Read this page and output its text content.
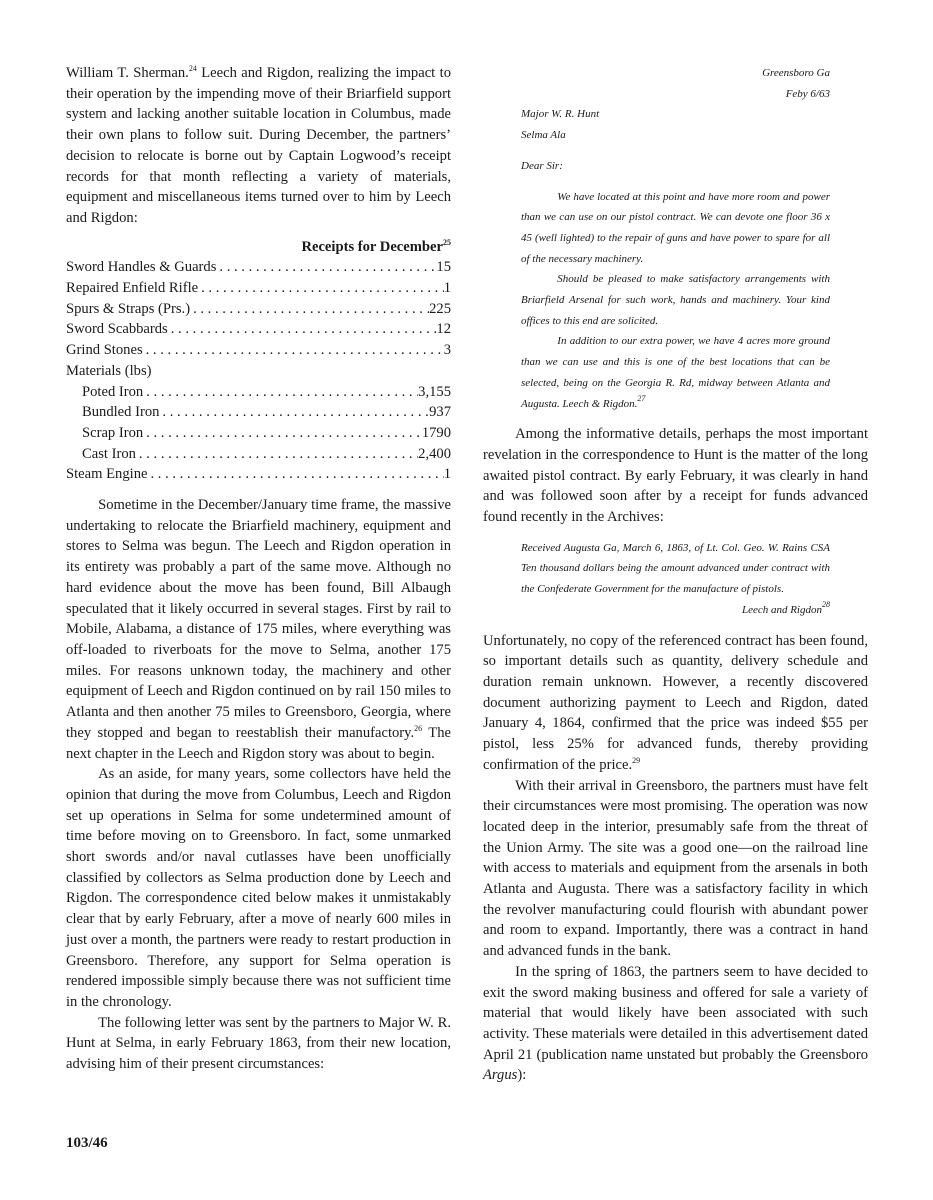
William T. Sherman.$^{24}$ Leech and Rigdon, realizing the impact to their operation by the impending move of their Briarfield support system and lacking another suitable location in Columbus, made their own plans to follow suit. During December, the partners’ decision to relocate is borne out by Captain Logwood’s receipt records for that month reflecting a variety of materials, equipment and miscellaneous items turned over to him by Leech and Rigdon:

Receipts for December$^{25}$
Sword Handles & Guards . . .	15
Repaired Enfield Rifle . . .	1
Spurs & Straps (Prs.) . . .	225
Sword Scabbards . . .	12
Grind Stones . . .	3
Materials (lbs)
Poted Iron . . .	3,155
Bundled Iron . . .	937
Scrap Iron . . .	1790
Cast Iron . . .	2,400
Steam Engine . . .	1

Sometime in the December/January time frame, the massive undertaking to relocate the Briarfield machinery, equipment and stores to Selma was begun. The Leech and Rigdon operation in its entirety was probably a part of the same move. Although no hard evidence about the move has been found, Bill Albaugh speculated that it likely occurred in several stages. First by rail to Mobile, Alabama, a distance of 175 miles, where everything was off-loaded to riverboats for the move to Selma, another 175 miles. For reasons unknown today, the machinery and other equipment of Leech and Rigdon continued on by rail 150 miles to Atlanta and then another 75 miles to Greensboro, Georgia, where they stopped and began to reestablish their manufactory.$^{26}$ The next chapter in the Leech and Rigdon story was about to begin.

As an aside, for many years, some collectors have held the opinion that during the move from Columbus, Leech and Rigdon set up operations in Selma for some undetermined amount of time before moving on to Greensboro. In fact, some unmarked short swords and/or naval cutlasses have been unofficially classified by collectors as Selma production done by Leech and Rigdon. The correspondence cited below makes it unmistakably clear that by early February, after a move of nearly 600 miles in just over a month, the partners were ready to restart production in Greensboro. Therefore, any support for Selma operation is rendered impossible simply because there was not sufficient time in the chronology.

The following letter was sent by the partners to Major W. R. Hunt at Selma, in early February 1863, from their new location, advising him of their present circumstances:

Greensboro Ga

Feby 6/63

Major W. R. Hunt

Selma Ala

Dear Sir:

We have located at this point and have more room and power than we can use on our pistol contract. We can devote one floor 36 x 45 (well lighted) to the repair of guns and have power to spare for all of the necessary machinery.

Should be pleased to make satisfactory arrangements with Briarfield Arsenal for such work, hands and machinery. Your kind offices to this end are solicited.

In addition to our extra power, we have 4 acres more ground than we can use and this is one of the best locations that can be selected, being on the Georgia R. Rd, midway between Atlanta and Augusta. Leech & Rigdon.$^{27}$

Among the informative details, perhaps the most important revelation in the correspondence to Hunt is the matter of the long awaited pistol contract. By early February, it was clearly in hand and was followed soon after by a receipt for funds advanced found recently in the Archives:

Received Augusta Ga, March 6, 1863, of Lt. Col. Geo. W. Rains CSA Ten thousand dollars being the amount advanced under contract with the Confederate Government for the manufacture of pistols.

Leech and Rigdon$^{28}$

Unfortunately, no copy of the referenced contract has been found, so important details such as quantity, delivery schedule and duration remain unknown. However, a recently discovered document authorizing payment to Leech and Rigdon, dated January 4, 1864, confirmed that the price was indeed $55 per pistol, less 25% for advanced funds, thereby providing confirmation of the price.$^{29}$

With their arrival in Greensboro, the partners must have felt their circumstances were most promising. The operation was now located deep in the interior, presumably safe from the threat of the Union Army. The site was a good one—on the railroad line with access to materials and equipment from the arsenals in both Atlanta and Augusta. There was a satisfactory facility in which the revolver manufacturing could flourish with abundant power and room to expand. Importantly, there was a contract in hand and advanced funds in the bank.

In the spring of 1863, the partners seem to have decided to exit the sword making business and offered for sale a variety of material that would likely have been associated with such activity. These materials were detailed in this advertisement dated April 21 (publication name unstated but probably the Greensboro Argus):

103/46
